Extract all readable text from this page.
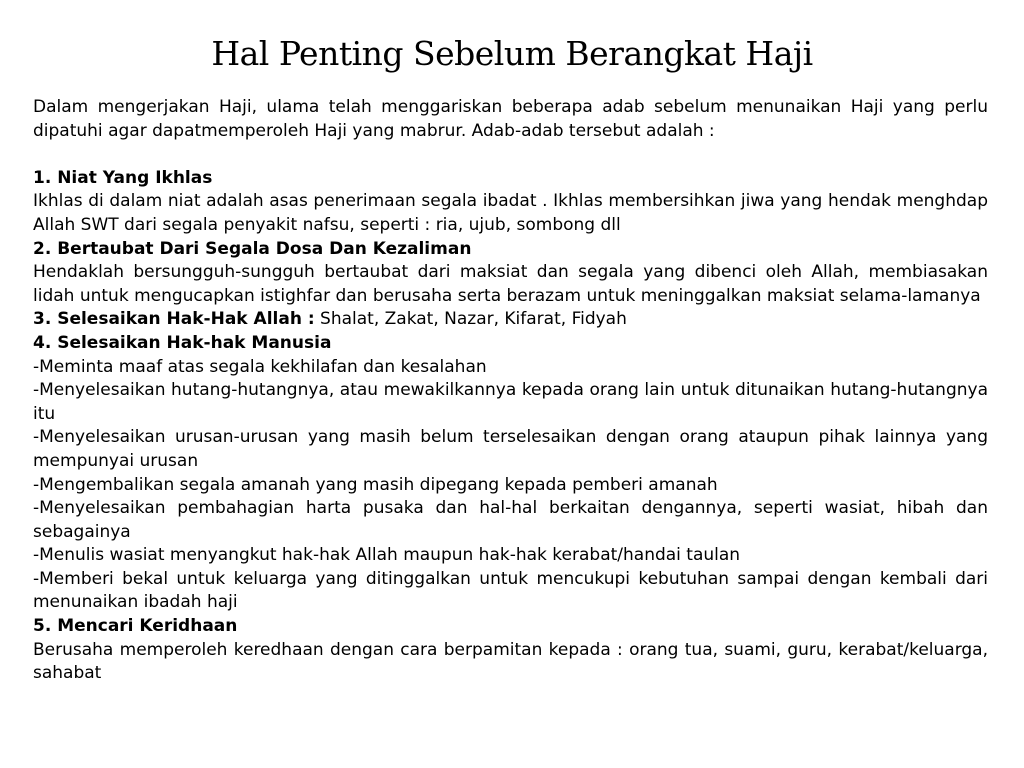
Hal Penting Sebelum Berangkat Haji

Dalam mengerjakan Haji, ulama telah menggariskan beberapa adab sebelum menunaikan Haji yang perlu dipatuhi agar dapatmemperoleh Haji yang mabrur. Adab-adab tersebut adalah :

1. Niat Yang Ikhlas

Ikhlas di dalam niat adalah asas penerimaan segala ibadat . Ikhlas membersihkan jiwa yang hendak menghdap Allah SWT dari segala penyakit nafsu, seperti : ria, ujub, sombong dll

2. Bertaubat Dari Segala Dosa Dan Kezaliman

Hendaklah bersungguh-sungguh bertaubat dari maksiat dan segala yang dibenci oleh Allah, membiasakan lidah untuk mengucapkan istighfar dan berusaha serta berazam untuk meninggalkan maksiat selama-lamanya

3. Selesaikan Hak-Hak Allah : Shalat, Zakat, Nazar, Kifarat, Fidyah

4. Selesaikan Hak-hak Manusia

-Meminta maaf atas segala kekhilafan dan kesalahan

-Menyelesaikan hutang-hutangnya, atau mewakilkannya kepada orang lain untuk ditunaikan hutang-hutangnya itu

-Menyelesaikan urusan-urusan yang masih belum terselesaikan dengan orang ataupun pihak lainnya yang mempunyai urusan

-Mengembalikan segala amanah yang masih dipegang kepada pemberi amanah

-Menyelesaikan pembahagian harta pusaka dan hal-hal berkaitan dengannya, seperti wasiat, hibah dan sebagainya

-Menulis wasiat menyangkut hak-hak Allah maupun hak-hak kerabat/handai taulan

-Memberi bekal untuk keluarga yang ditinggalkan untuk mencukupi kebutuhan sampai dengan kembali dari menunaikan ibadah haji

5. Mencari Keridhaan

Berusaha memperoleh keredhaan dengan cara berpamitan kepada : orang tua, suami, guru, kerabat/keluarga, sahabat
